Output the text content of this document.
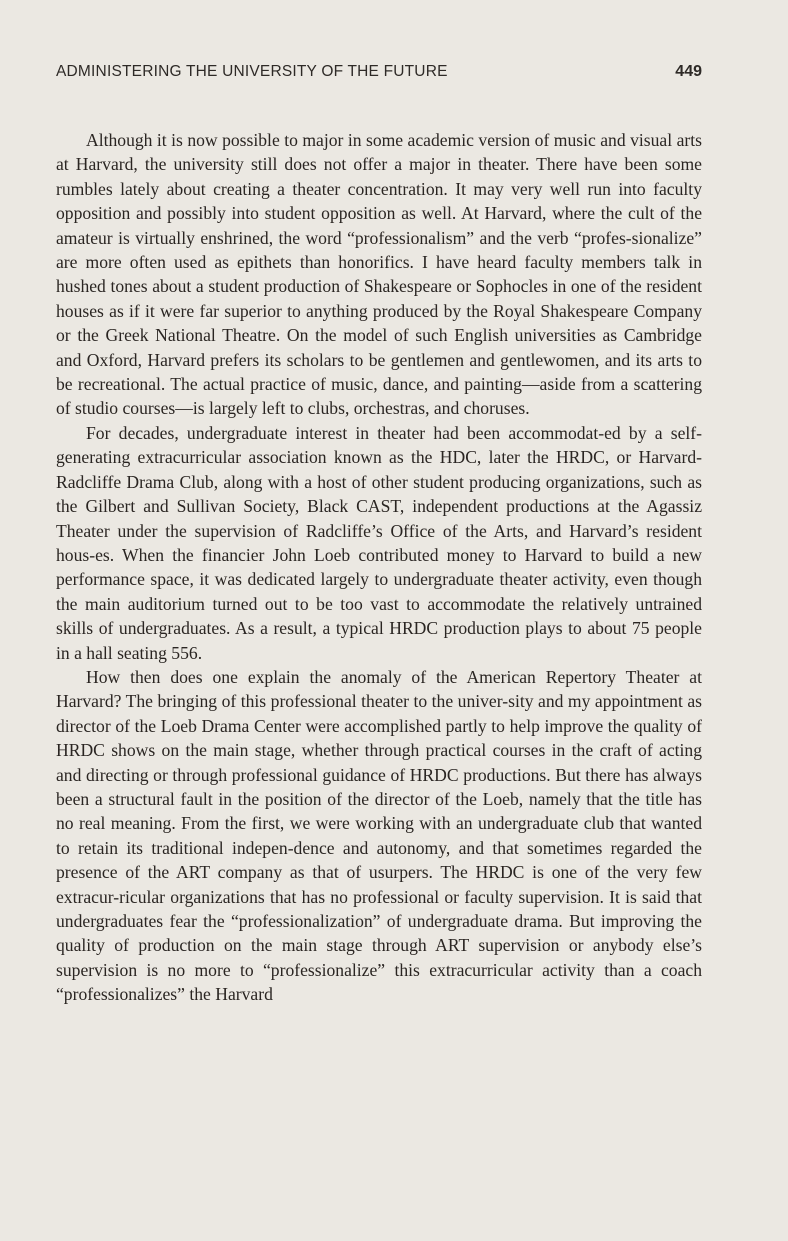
ADMINISTERING THE UNIVERSITY OF THE FUTURE	449

Although it is now possible to major in some academic version of music and visual arts at Harvard, the university still does not offer a major in theater. There have been some rumbles lately about creating a theater concentration. It may very well run into faculty opposition and possibly into student opposition as well. At Harvard, where the cult of the amateur is virtually enshrined, the word “professionalism” and the verb “profes-sionalize” are more often used as epithets than honorifics. I have heard faculty members talk in hushed tones about a student production of Shakespeare or Sophocles in one of the resident houses as if it were far superior to anything produced by the Royal Shakespeare Company or the Greek National Theatre. On the model of such English universities as Cambridge and Oxford, Harvard prefers its scholars to be gentlemen and gentlewomen, and its arts to be recreational. The actual practice of music, dance, and painting—aside from a scattering of studio courses—is largely left to clubs, orchestras, and choruses.

For decades, undergraduate interest in theater had been accommodat-ed by a self-generating extracurricular association known as the HDC, later the HRDC, or Harvard-Radcliffe Drama Club, along with a host of other student producing organizations, such as the Gilbert and Sullivan Society, Black CAST, independent productions at the Agassiz Theater under the supervision of Radcliffe’s Office of the Arts, and Harvard’s resident hous-es. When the financier John Loeb contributed money to Harvard to build a new performance space, it was dedicated largely to undergraduate theater activity, even though the main auditorium turned out to be too vast to accommodate the relatively untrained skills of undergraduates. As a result, a typical HRDC production plays to about 75 people in a hall seating 556.

How then does one explain the anomaly of the American Repertory Theater at Harvard? The bringing of this professional theater to the univer-sity and my appointment as director of the Loeb Drama Center were accomplished partly to help improve the quality of HRDC shows on the main stage, whether through practical courses in the craft of acting and directing or through professional guidance of HRDC productions. But there has always been a structural fault in the position of the director of the Loeb, namely that the title has no real meaning. From the first, we were working with an undergraduate club that wanted to retain its traditional indepen-dence and autonomy, and that sometimes regarded the presence of the ART company as that of usurpers. The HRDC is one of the very few extracur-ricular organizations that has no professional or faculty supervision. It is said that undergraduates fear the “professionalization” of undergraduate drama. But improving the quality of production on the main stage through ART supervision or anybody else’s supervision is no more to “professionalize” this extracurricular activity than a coach “professionalizes” the Harvard
